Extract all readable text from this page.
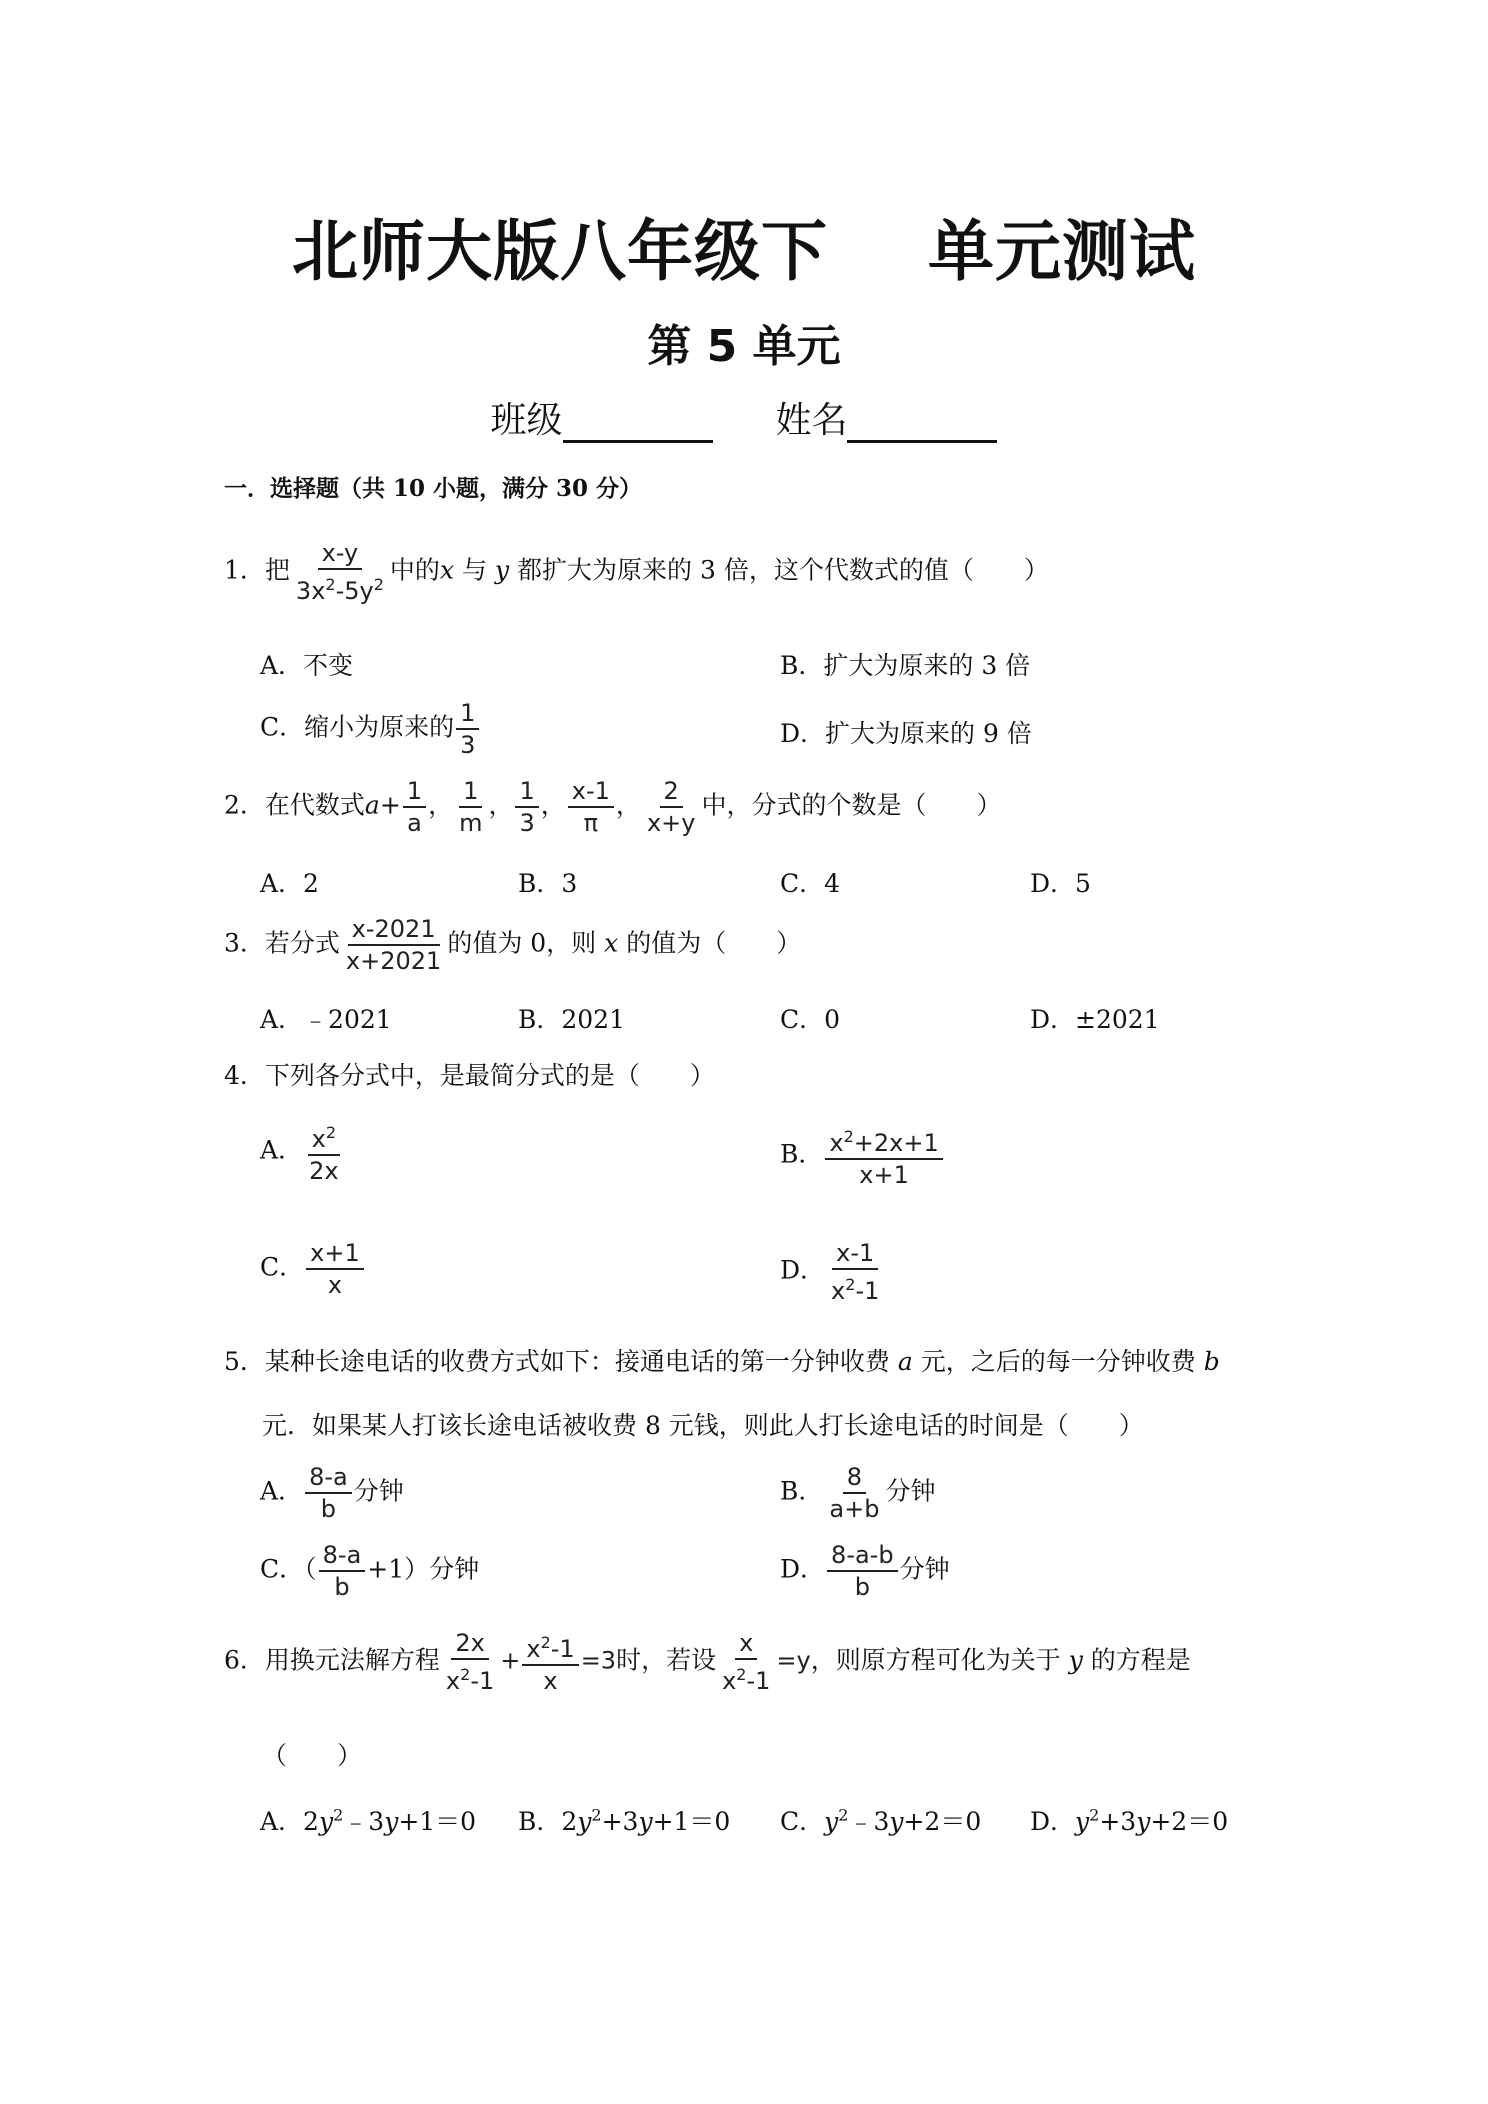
北师大版八年级下 单元测试
第 5 单元
班级	姓名
一．选择题（共 10 小题，满分 30 分）
1．把 $\frac{x-y}{3x^2-5y^2}$ 中的x 与 y 都扩大为原来的 3 倍，这个代数式的值（　　）
A．不变	B．扩大为原来的 3 倍
C．缩小为原来的 $\frac{1}{3}$	D．扩大为原来的 9 倍
2．在代数式$a+ \frac{1}{a}$ ， $\frac{1}{m}$ ， $\frac{1}{3}$ ， $\frac{x-1}{\pi}$ ， $\frac{2}{x+y}$ 中，分式的个数是（　　）
A．2	B．3	C．4	D．5
3．若分式 $\frac{x-2021}{x+2021}$ 的值为 0，则 x 的值为（　　）
A．﹣2021	B．2021	C．0	D．±2021
4．下列各分式中，是最简分式的是（　　）
A． $\frac{x^2}{2x}$	B． $\frac{x^2+2x+1}{x+1}$
C． $\frac{x+1}{x}$	D． $\frac{x-1}{x^2-1}$
5．某种长途电话的收费方式如下：接通电话的第一分钟收费 a 元，之后的每一分钟收费 b
元．如果某人打该长途电话被收费 8 元钱，则此人打长途电话的时间是（　　）
A． $\frac{8-a}{b}$ 分钟	B． $\frac{8}{a+b}$ 分钟
C．（ $\frac{8-a}{b} +1$）分钟	D． $\frac{8-a-b}{b}$ 分钟
6．用换元法解方程 $\frac{2x}{x^2-1} + \frac{x^2-1}{x} =3$时，若设 $\frac{x}{x^2-1} =y$，则原方程可化为关于 y 的方程是
（　　）
A．$2y^2﹣3y+1=0$ B．$2y^2+3y+1=0$ C．$y^2﹣3y+2=0$ D．$y^2+3y+2=0$
